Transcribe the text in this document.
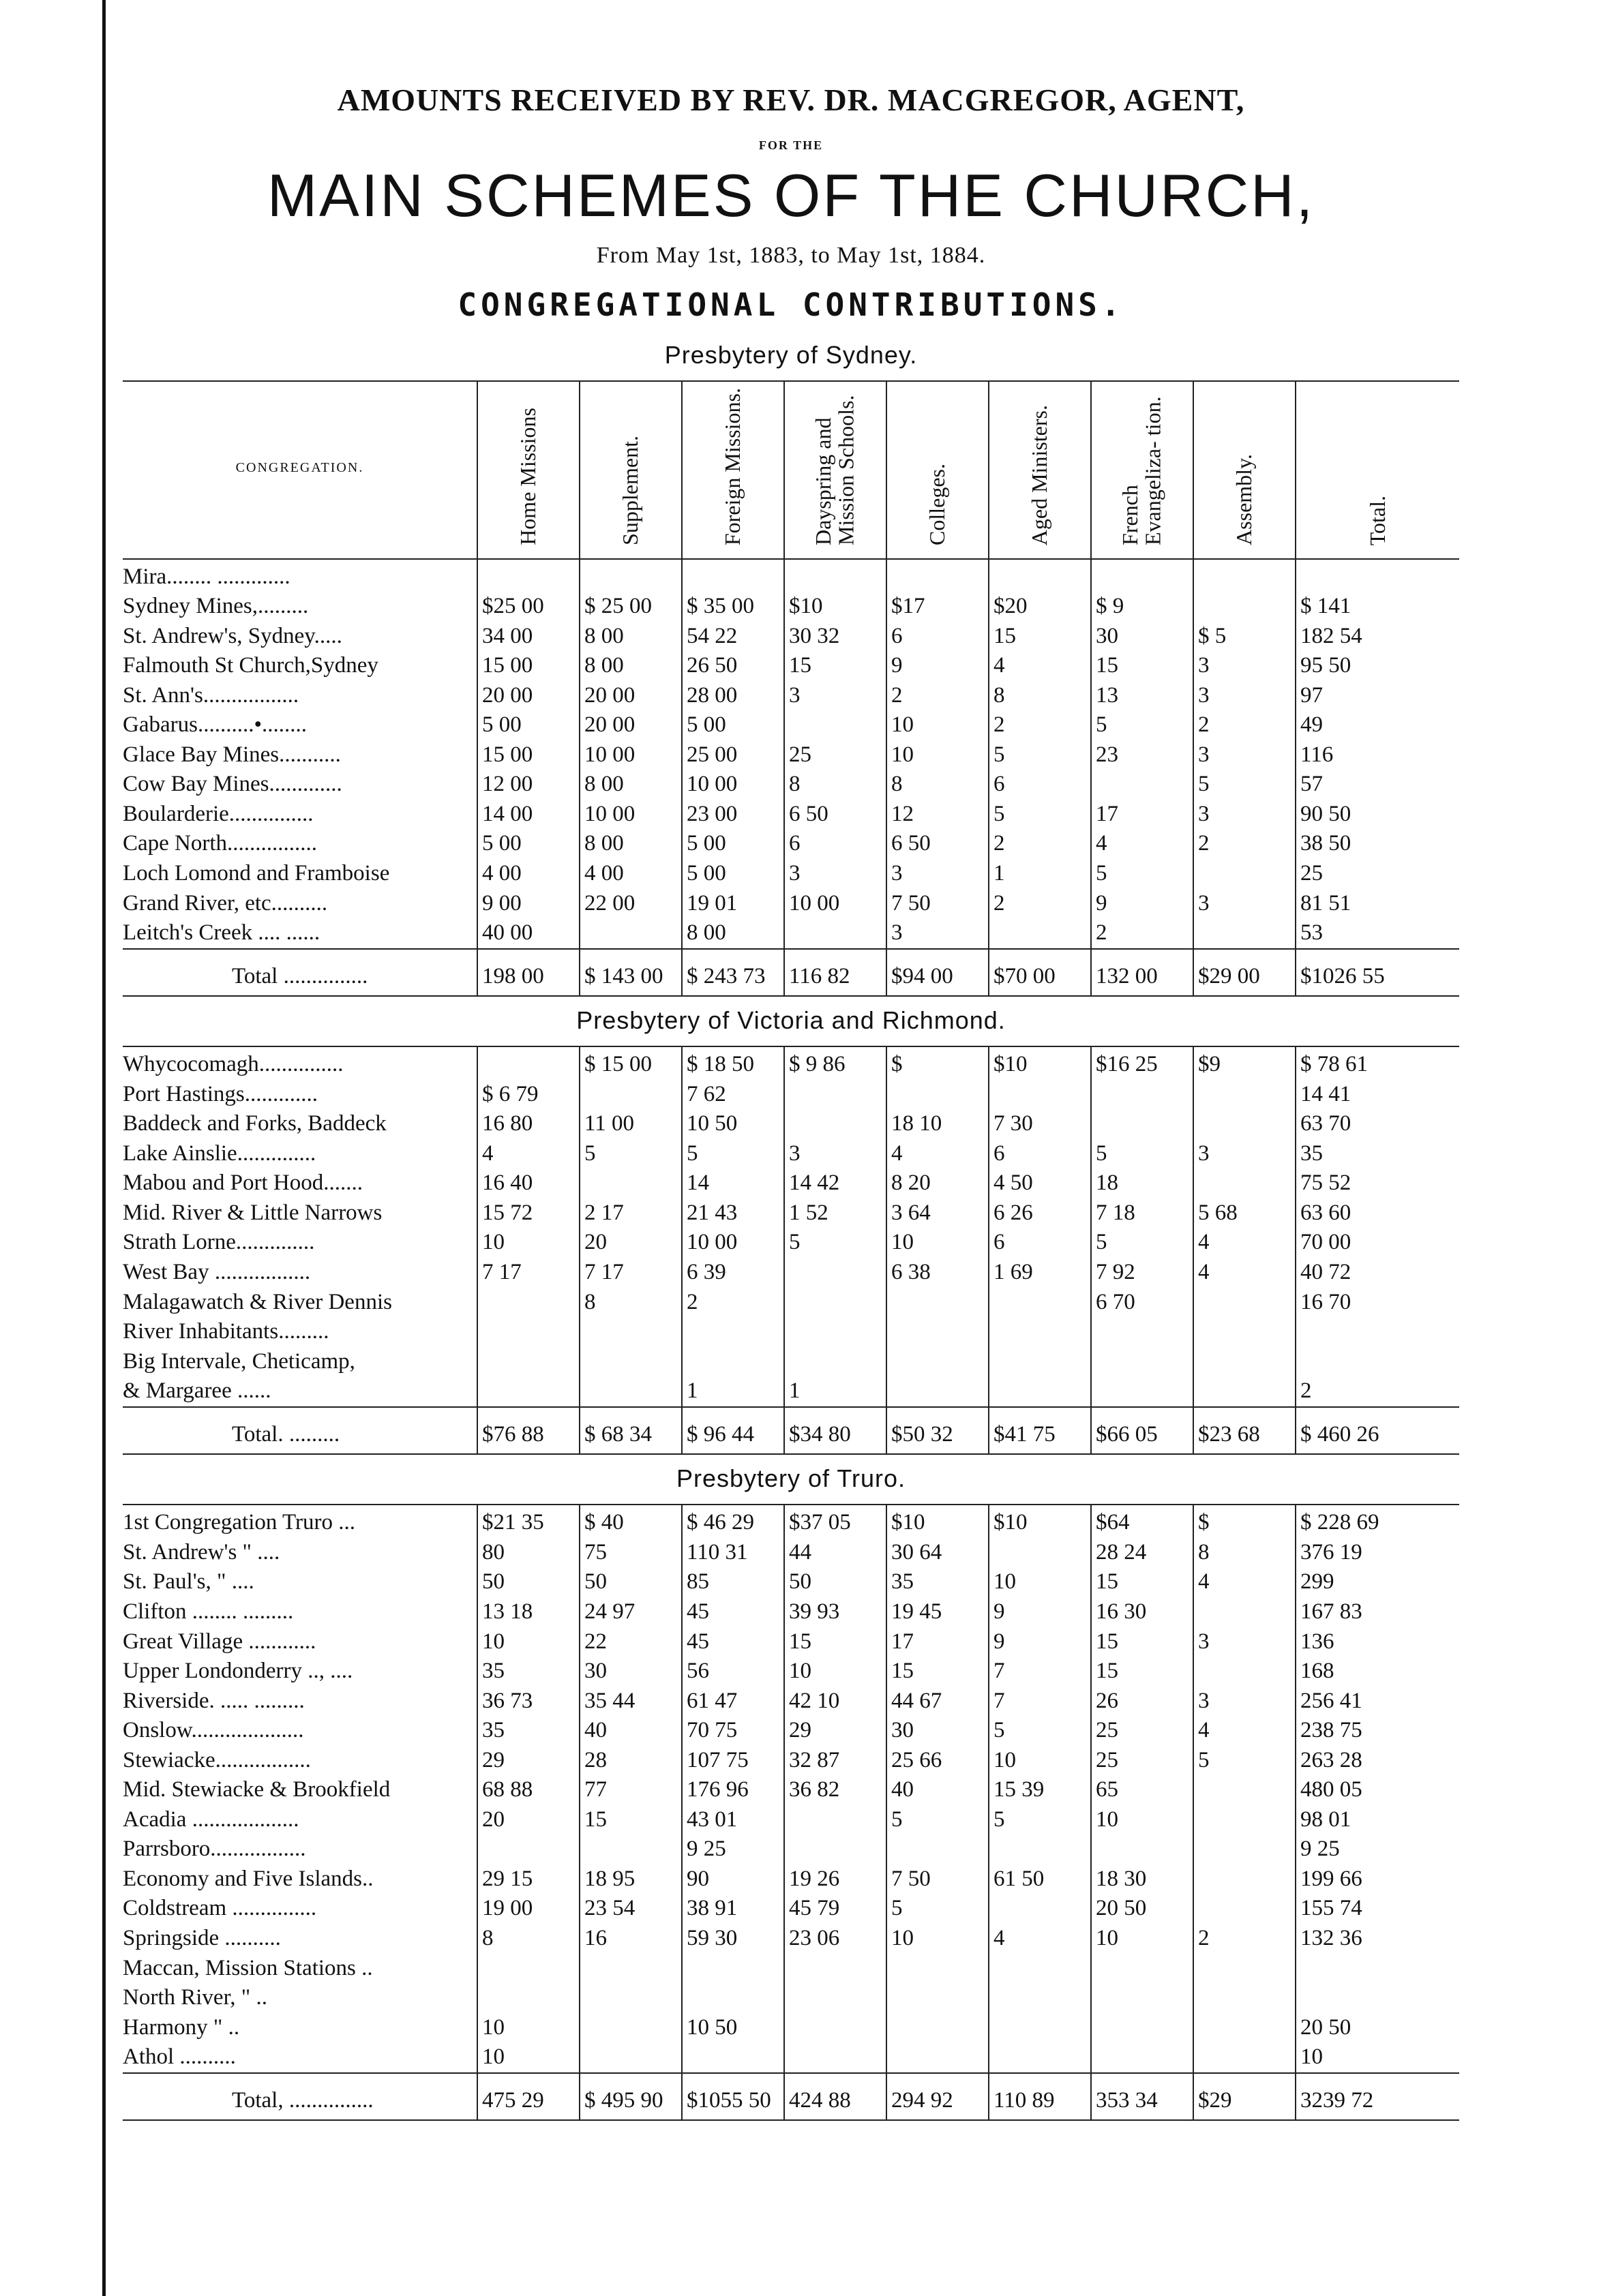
AMOUNTS RECEIVED BY REV. DR. MACGREGOR, AGENT,
FOR THE
MAIN SCHEMES OF THE CHURCH,
From May 1st, 1883, to May 1st, 1884.
CONGREGATIONAL CONTRIBUTIONS.
Presbytery of Sydney.
CONGREGATION.	Home Missions	Supplement.	Foreign Missions.	Dayspring and Mission Schools.	Colleges.	Aged Ministers.	French Evangeliza- tion.	Assembly.	Total.
Mira........ .............									
Sydney Mines,.........	$25 00	$ 25 00	$ 35 00	$10	$17	$20	$ 9		$ 141
St. Andrew's, Sydney.....	34 00	8 00	54 22	30 32	6	15	30	$ 5	182 54
Falmouth St Church,Sydney	15 00	8 00	26 50	15	9	4	15	3	95 50
St. Ann's.................	20 00	20 00	28 00	3	2	8	13	3	97
Gabarus..........•........	5 00	20 00	5 00		10	2	5	2	49
Glace Bay Mines...........	15 00	10 00	25 00	25	10	5	23	3	116
Cow Bay Mines.............	12 00	8 00	10 00	8	8	6		5	57
Boularderie...............	14 00	10 00	23 00	6 50	12	5	17	3	90 50
Cape North................	5 00	8 00	5 00	6	6 50	2	4	2	38 50
Loch Lomond and Framboise	4 00	4 00	5 00	3	3	1	5		25
Grand River, etc..........	9 00	22 00	19 01	10 00	7 50	2	9	3	81 51
Leitch's Creek .... ......	40 00		8 00		3		2		53
Total ...............	198 00	$ 143 00	$ 243 73	116 82	$94 00	$70 00	132 00	$29 00	$1026 55
Presbytery of Victoria and Richmond.
Whycocomagh...............		$ 15 00	$ 18 50	$ 9 86	$	$10	$16 25	$9	$ 78 61
Port Hastings.............	$ 6 79		7 62						14 41
Baddeck and Forks, Baddeck	16 80	11 00	10 50		18 10	7 30			63 70
Lake Ainslie..............	4	5	5	3	4	6	5	3	35
Mabou and Port Hood.......	16 40		14	14 42	8 20	4 50	18		75 52
Mid. River & Little Narrows	15 72	2 17	21 43	1 52	3 64	6 26	7 18	5 68	63 60
Strath Lorne..............	10	20	10 00	5	10	6	5	4	70 00
West Bay .................	7 17	7 17	6 39		6 38	1 69	7 92	4	40 72
Malagawatch & River Dennis		8	2				6 70		16 70
River Inhabitants.........									
Big Intervale, Cheticamp,									
& Margaree ......			1	1					2
Total. .........	$76 88	$ 68 34	$ 96 44	$34 80	$50 32	$41 75	$66 05	$23 68	$ 460 26
Presbytery of Truro.
1st Congregation Truro ...	$21 35	$ 40	$ 46 29	$37 05	$10	$10	$64	$	$ 228 69
St. Andrew's " ....	80	75	110 31	44	30 64		28 24	8	376 19
St. Paul's, " ....	50	50	85	50	35	10	15	4	299
Clifton ........ .........	13 18	24 97	45	39 93	19 45	9	16 30		167 83
Great Village ............	10	22	45	15	17	9	15	3	136
Upper Londonderry .., ....	35	30	56	10	15	7	15		168
Riverside. ..... .........	36 73	35 44	61 47	42 10	44 67	7	26	3	256 41
Onslow....................	35	40	70 75	29	30	5	25	4	238 75
Stewiacke.................	29	28	107 75	32 87	25 66	10	25	5	263 28
Mid. Stewiacke & Brookfield	68 88	77	176 96	36 82	40	15 39	65		480 05
Acadia ...................	20	15	43 01		5	5	10		98 01
Parrsboro.................			9 25						9 25
Economy and Five Islands..	29 15	18 95	90	19 26	7 50	61 50	18 30		199 66
Coldstream ...............	19 00	23 54	38 91	45 79	5		20 50		155 74
Springside ..........	8	16	59 30	23 06	10	4	10	2	132 36
Maccan, Mission Stations ..									
North River, " ..									
Harmony " ..	10		10 50						20 50
Athol ..........	10								10
Total, ...............	475 29	$ 495 90	$1055 50	424 88	294 92	110 89	353 34	$29	3239 72
